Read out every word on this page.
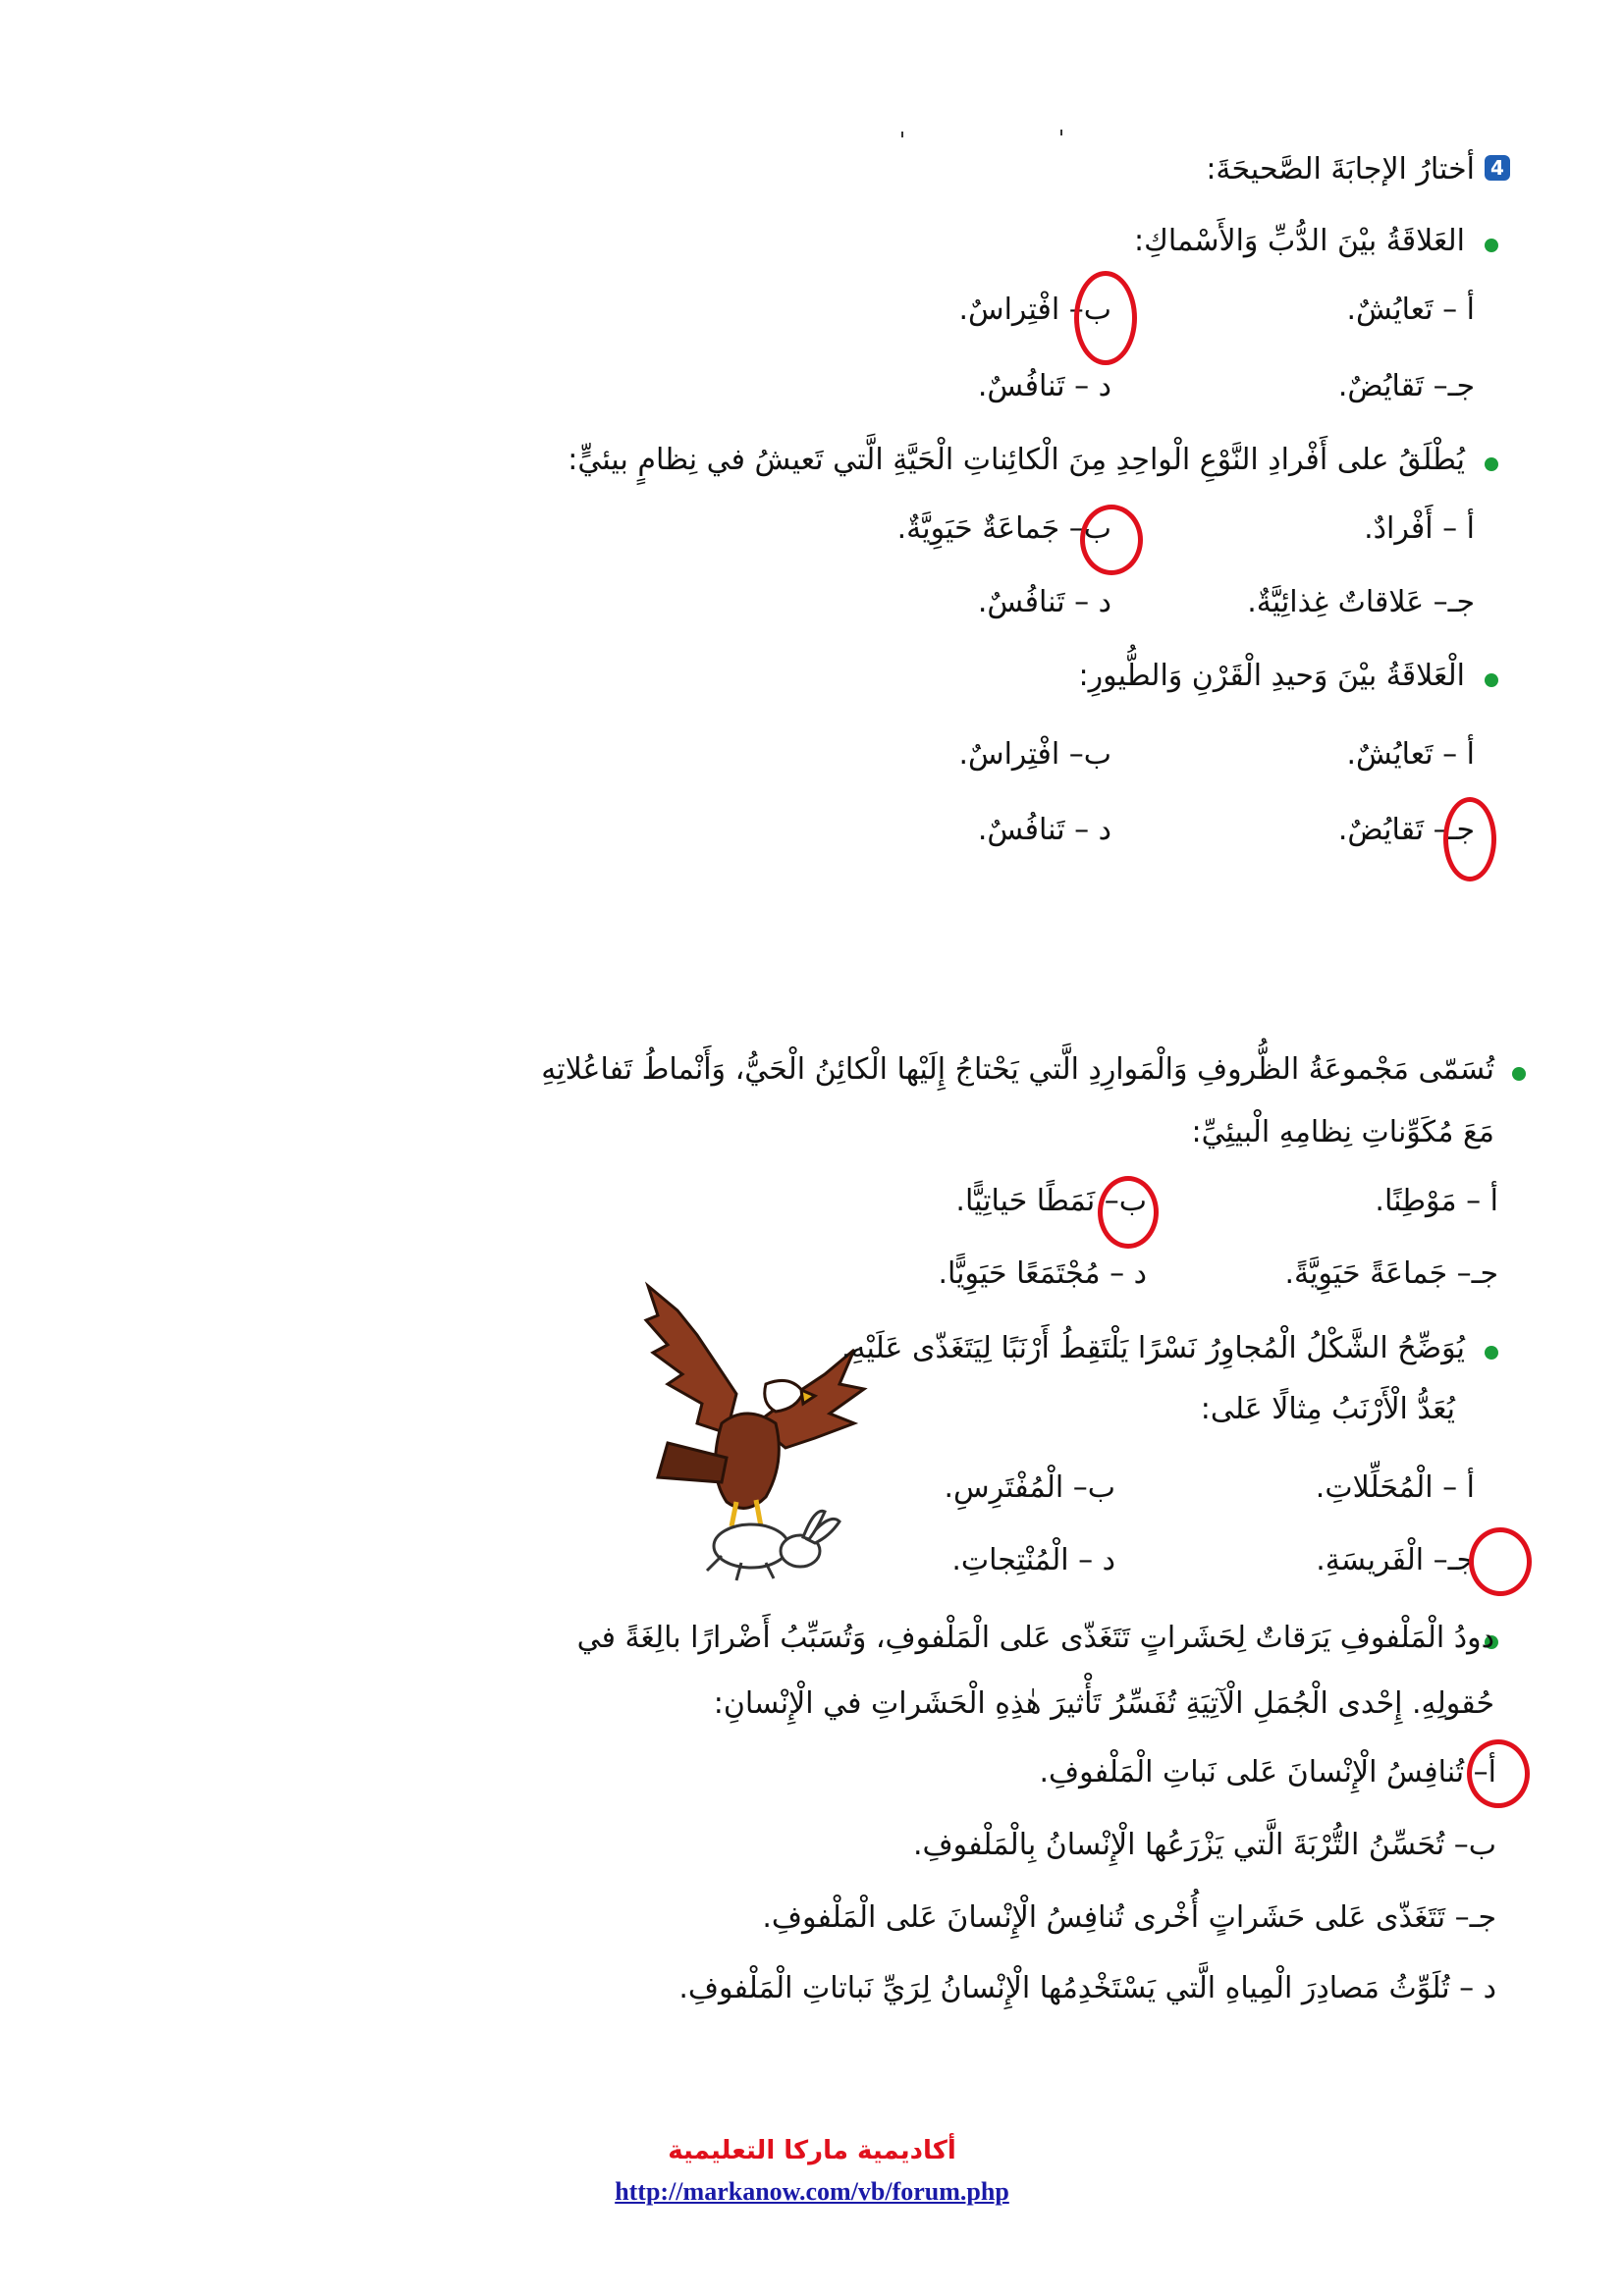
4
أختارُ الإجابَةَ الصَّحيحَةَ:
العَلاقَةُ بيْنَ الدُّبِّ وَالأَسْماكِ:
أ – تَعايُشٌ.
ب– افْتِراسٌ.
جـ– تَقايُضٌ.
د – تَنافُسٌ.
يُطْلَقُ على أَفْرادِ النَّوْعِ الْواحِدِ مِنَ الْكائِناتِ الْحَيَّةِ الَّتي تَعيشُ في نِظامٍ بيئيٍّ:
أ – أَفْرادٌ.
ب– جَماعَةٌ حَيَوِيَّةٌ.
جـ– عَلاقاتٌ غِذائِيَّةٌ.
د – تَنافُسٌ.
الْعَلاقَةُ بيْنَ وَحيدِ الْقَرْنِ وَالطُّيورِ:
أ – تَعايُشٌ.
ب– افْتِراسٌ.
جـ– تَقايُضٌ.
د – تَنافُسٌ.
تُسَمّى مَجْموعَةُ الظُّروفِ وَالْمَوارِدِ الَّتي يَحْتاجُ إِلَيْها الْكائِنُ الْحَيُّ، وَأَنْماطُ تَفاعُلاتِهِ
مَعَ مُكَوِّناتِ نِظامِهِ الْبيئِيِّ:
أ – مَوْطِنًا.
ب– نَمَطًا حَياتِيًّا.
جـ– جَماعَةً حَيَوِيَّةً.
د – مُجْتَمَعًا حَيَوِيًّا.
يُوَضِّحُ الشَّكْلُ الْمُجاوِرُ نَسْرًا يَلْتَقِطُ أَرْنَبًا لِيَتَغَذّى عَلَيْهِ.
يُعَدُّ الْأَرْنَبُ مِثالًا عَلى:
أ – الْمُحَلِّلاتِ.
ب– الْمُفْتَرِسِ.
جـ– الْفَريسَةِ.
د – الْمُنْتِجاتِ.
دودُ الْمَلْفوفِ يَرَقاتٌ لِحَشَراتٍ تَتَغَذّى عَلى الْمَلْفوفِ، وَتُسَبِّبُ أَضْرارًا بالِغَةً في
حُقولِهِ. إِحْدى الْجُمَلِ الْآتِيَةِ تُفَسِّرُ تَأْثيرَ هٰذِهِ الْحَشَراتِ في الْإِنْسانِ:
أ– تُنافِسُ الْإِنْسانَ عَلى نَباتِ الْمَلْفوفِ.
ب– تُحَسِّنُ التُّرْبَةَ الَّتي يَزْرَعُها الْإِنْسانُ بِالْمَلْفوفِ.
جـ– تَتَغَذّى عَلى حَشَراتٍ أُخْرى تُنافِسُ الْإِنْسانَ عَلى الْمَلْفوفِ.
د – تُلَوِّثُ مَصادِرَ الْمِياهِ الَّتي يَسْتَخْدِمُها الْإِنْسانُ لِرَيِّ نَباتاتِ الْمَلْفوفِ.
أكاديمية ماركا التعليمية
http://markanow.com/vb/forum.php
